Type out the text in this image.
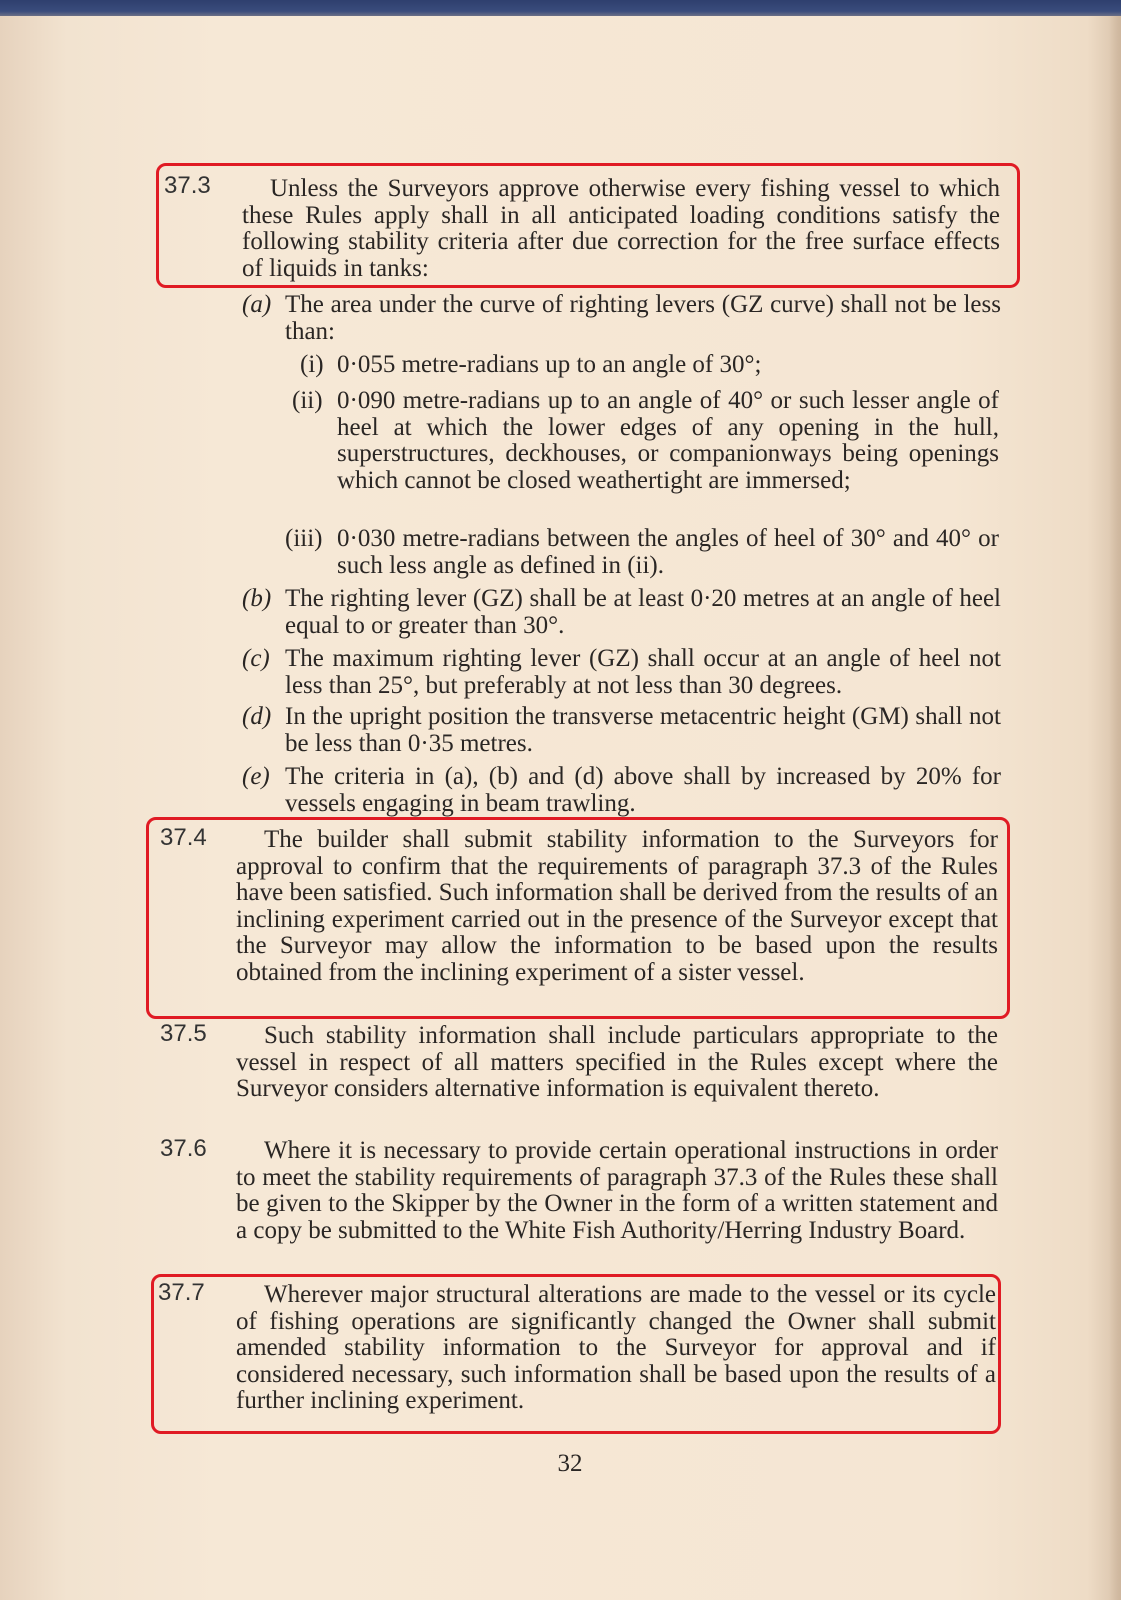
37.3	Unless the Surveyors approve otherwise every fishing vessel to which these Rules apply shall in all anticipated loading conditions satisfy the following stability criteria after due correction for the free surface effects of liquids in tanks:
(a) The area under the curve of righting levers (GZ curve) shall not be less than:
(i) 0·055 metre-radians up to an angle of 30°;
(ii) 0·090 metre-radians up to an angle of 40° or such lesser angle of heel at which the lower edges of any opening in the hull, superstructures, deckhouses, or companionways being openings which cannot be closed weathertight are immersed;
(iii) 0·030 metre-radians between the angles of heel of 30° and 40° or such less angle as defined in (ii).
(b) The righting lever (GZ) shall be at least 0·20 metres at an angle of heel equal to or greater than 30°.
(c) The maximum righting lever (GZ) shall occur at an angle of heel not less than 25°, but preferably at not less than 30 degrees.
(d) In the upright position the transverse metacentric height (GM) shall not be less than 0·35 metres.
(e) The criteria in (a), (b) and (d) above shall by increased by 20% for vessels engaging in beam trawling.
37.4	The builder shall submit stability information to the Surveyors for approval to confirm that the requirements of paragraph 37.3 of the Rules have been satisfied. Such information shall be derived from the results of an inclining experiment carried out in the presence of the Surveyor except that the Surveyor may allow the information to be based upon the results obtained from the inclining experiment of a sister vessel.
37.5	Such stability information shall include particulars appropriate to the vessel in respect of all matters specified in the Rules except where the Surveyor considers alternative information is equivalent thereto.
37.6	Where it is necessary to provide certain operational instructions in order to meet the stability requirements of paragraph 37.3 of the Rules these shall be given to the Skipper by the Owner in the form of a written statement and a copy be submitted to the White Fish Authority/Herring Industry Board.
37.7	Wherever major structural alterations are made to the vessel or its cycle of fishing operations are significantly changed the Owner shall submit amended stability information to the Surveyor for approval and if considered necessary, such information shall be based upon the results of a further inclining experiment.
32
